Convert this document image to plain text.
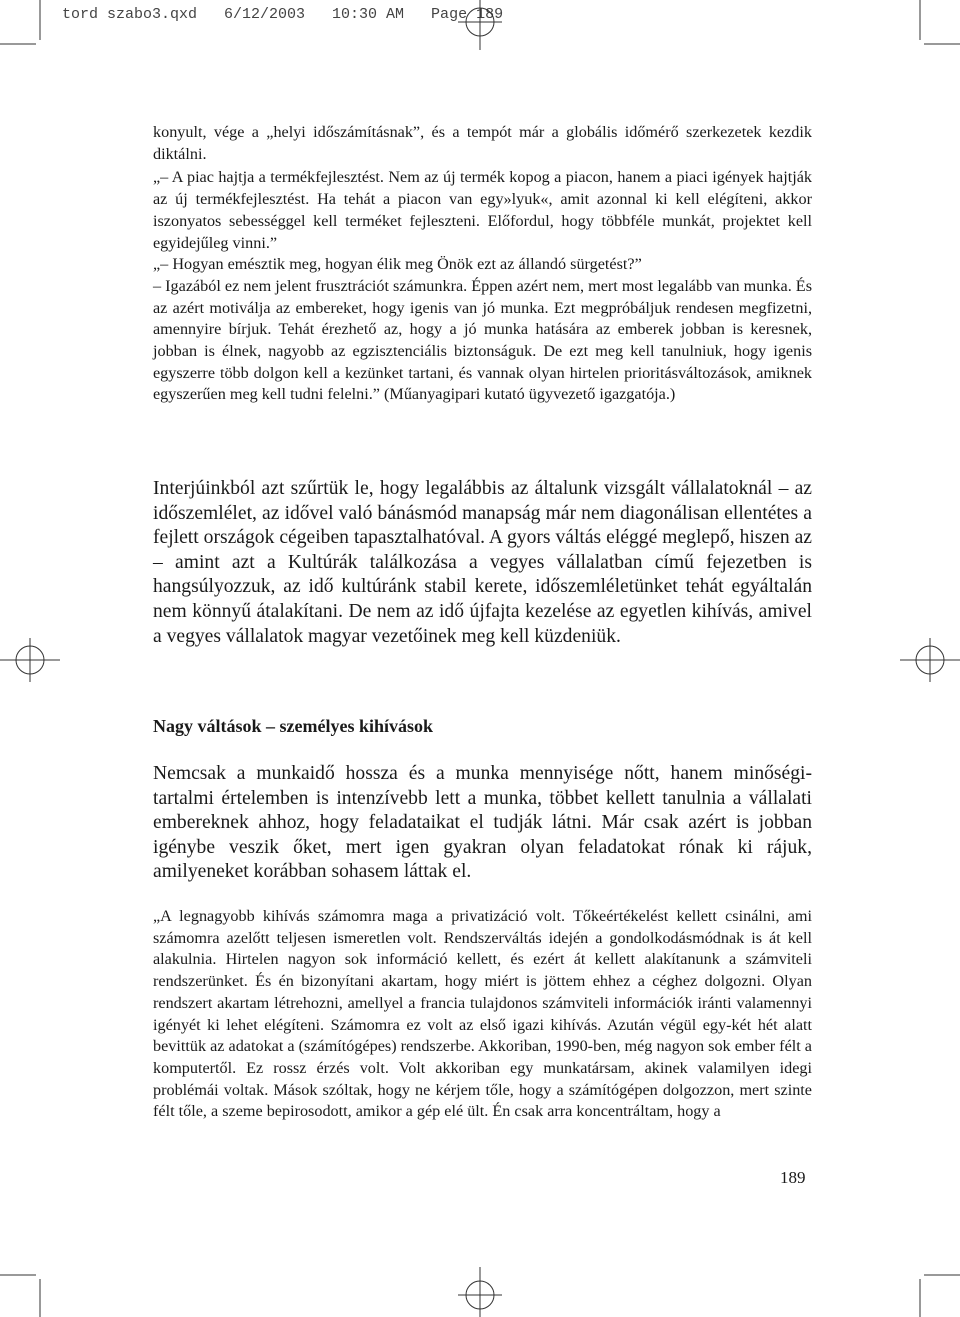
tord szabo3.qxd   6/12/2003   10:30 AM   Page 189

konyult, vége a „helyi időszámításnak”, és a tempót már a globális időmérő szerkezetek kezdik diktálni.

„– A piac hajtja a termékfejlesztést. Nem az új termék kopog a piacon, hanem a piaci igények hajtják az új termékfejlesztést. Ha tehát a piacon van egy»lyuk«, amit azonnal ki kell elégíteni, akkor iszonyatos sebességgel kell terméket fejleszteni. Előfordul, hogy többféle munkát, projektet kell egyidejűleg vinni.”

„– Hogyan emésztik meg, hogyan élik meg Önök ezt az állandó sürgetést?”

– Igazából ez nem jelent frusztrációt számunkra. Éppen azért nem, mert most legalább van munka. És az azért motiválja az embereket, hogy igenis van jó munka. Ezt megpróbáljuk rendesen megfizetni, amennyire bírjuk. Tehát érezhető az, hogy a jó munka hatására az emberek jobban is keresnek, jobban is élnek, nagyobb az egzisztenciális biztonságuk. De ezt meg kell tanulniuk, hogy igenis egyszerre több dolgon kell a kezünket tartani, és vannak olyan hirtelen prioritásváltozások, amiknek egyszerűen meg kell tudni felelni.” (Műanyagipari kutató ügyvezető igazgatója.)

Interjúinkból azt szűrtük le, hogy legalábbis az általunk vizsgált vállalatoknál – az időszemlélet, az idővel való bánásmód manapság már nem diagonálisan ellentétes a fejlett országok cégeiben tapasztalhatóval. A gyors váltás eléggé meglepő, hiszen az – amint azt a Kultúrák találkozása a vegyes vállalatban című fejezetben is hangsúlyozzuk, az idő kultúránk stabil kerete, időszemléletünket tehát egyáltalán nem könnyű átalakítani. De nem az idő újfajta kezelése az egyetlen kihívás, amivel a vegyes vállalatok magyar vezetőinek meg kell küzdeniük.

Nagy váltások – személyes kihívások

Nemcsak a munkaidő hossza és a munka mennyisége nőtt, hanem minőségi-tartalmi értelemben is intenzívebb lett a munka, többet kellett tanulnia a vállalati embereknek ahhoz, hogy feladataikat el tudják látni. Már csak azért is jobban igénybe veszik őket, mert igen gyakran olyan feladatokat rónak ki rájuk, amilyeneket korábban sohasem láttak el.

„A legnagyobb kihívás számomra maga a privatizáció volt. Tőkeértékelést kellett csinálni, ami számomra azelőtt teljesen ismeretlen volt. Rendszerváltás idején a gondolkodásmódnak is át kell alakulnia. Hirtelen nagyon sok információ kellett, és ezért át kellett alakítanunk a számviteli rendszerünket. És én bizonyítani akartam, hogy miért is jöttem ehhez a céghez dolgozni. Olyan rendszert akartam létrehozni, amellyel a francia tulajdonos számviteli információk iránti valamennyi igényét ki lehet elégíteni. Számomra ez volt az első igazi kihívás. Azután végül egy-két hét alatt bevittük az adatokat a (számítógépes) rendszerbe. Akkoriban, 1990-ben, még nagyon sok ember félt a komputertől. Ez rossz érzés volt. Volt akkoriban egy munkatársam, akinek valamilyen idegi problémái voltak. Mások szóltak, hogy ne kérjem tőle, hogy a számítógépen dolgozzon, mert szinte félt tőle, a szeme bepirosodott, amikor a gép elé ült. Én csak arra koncentráltam, hogy a

189
